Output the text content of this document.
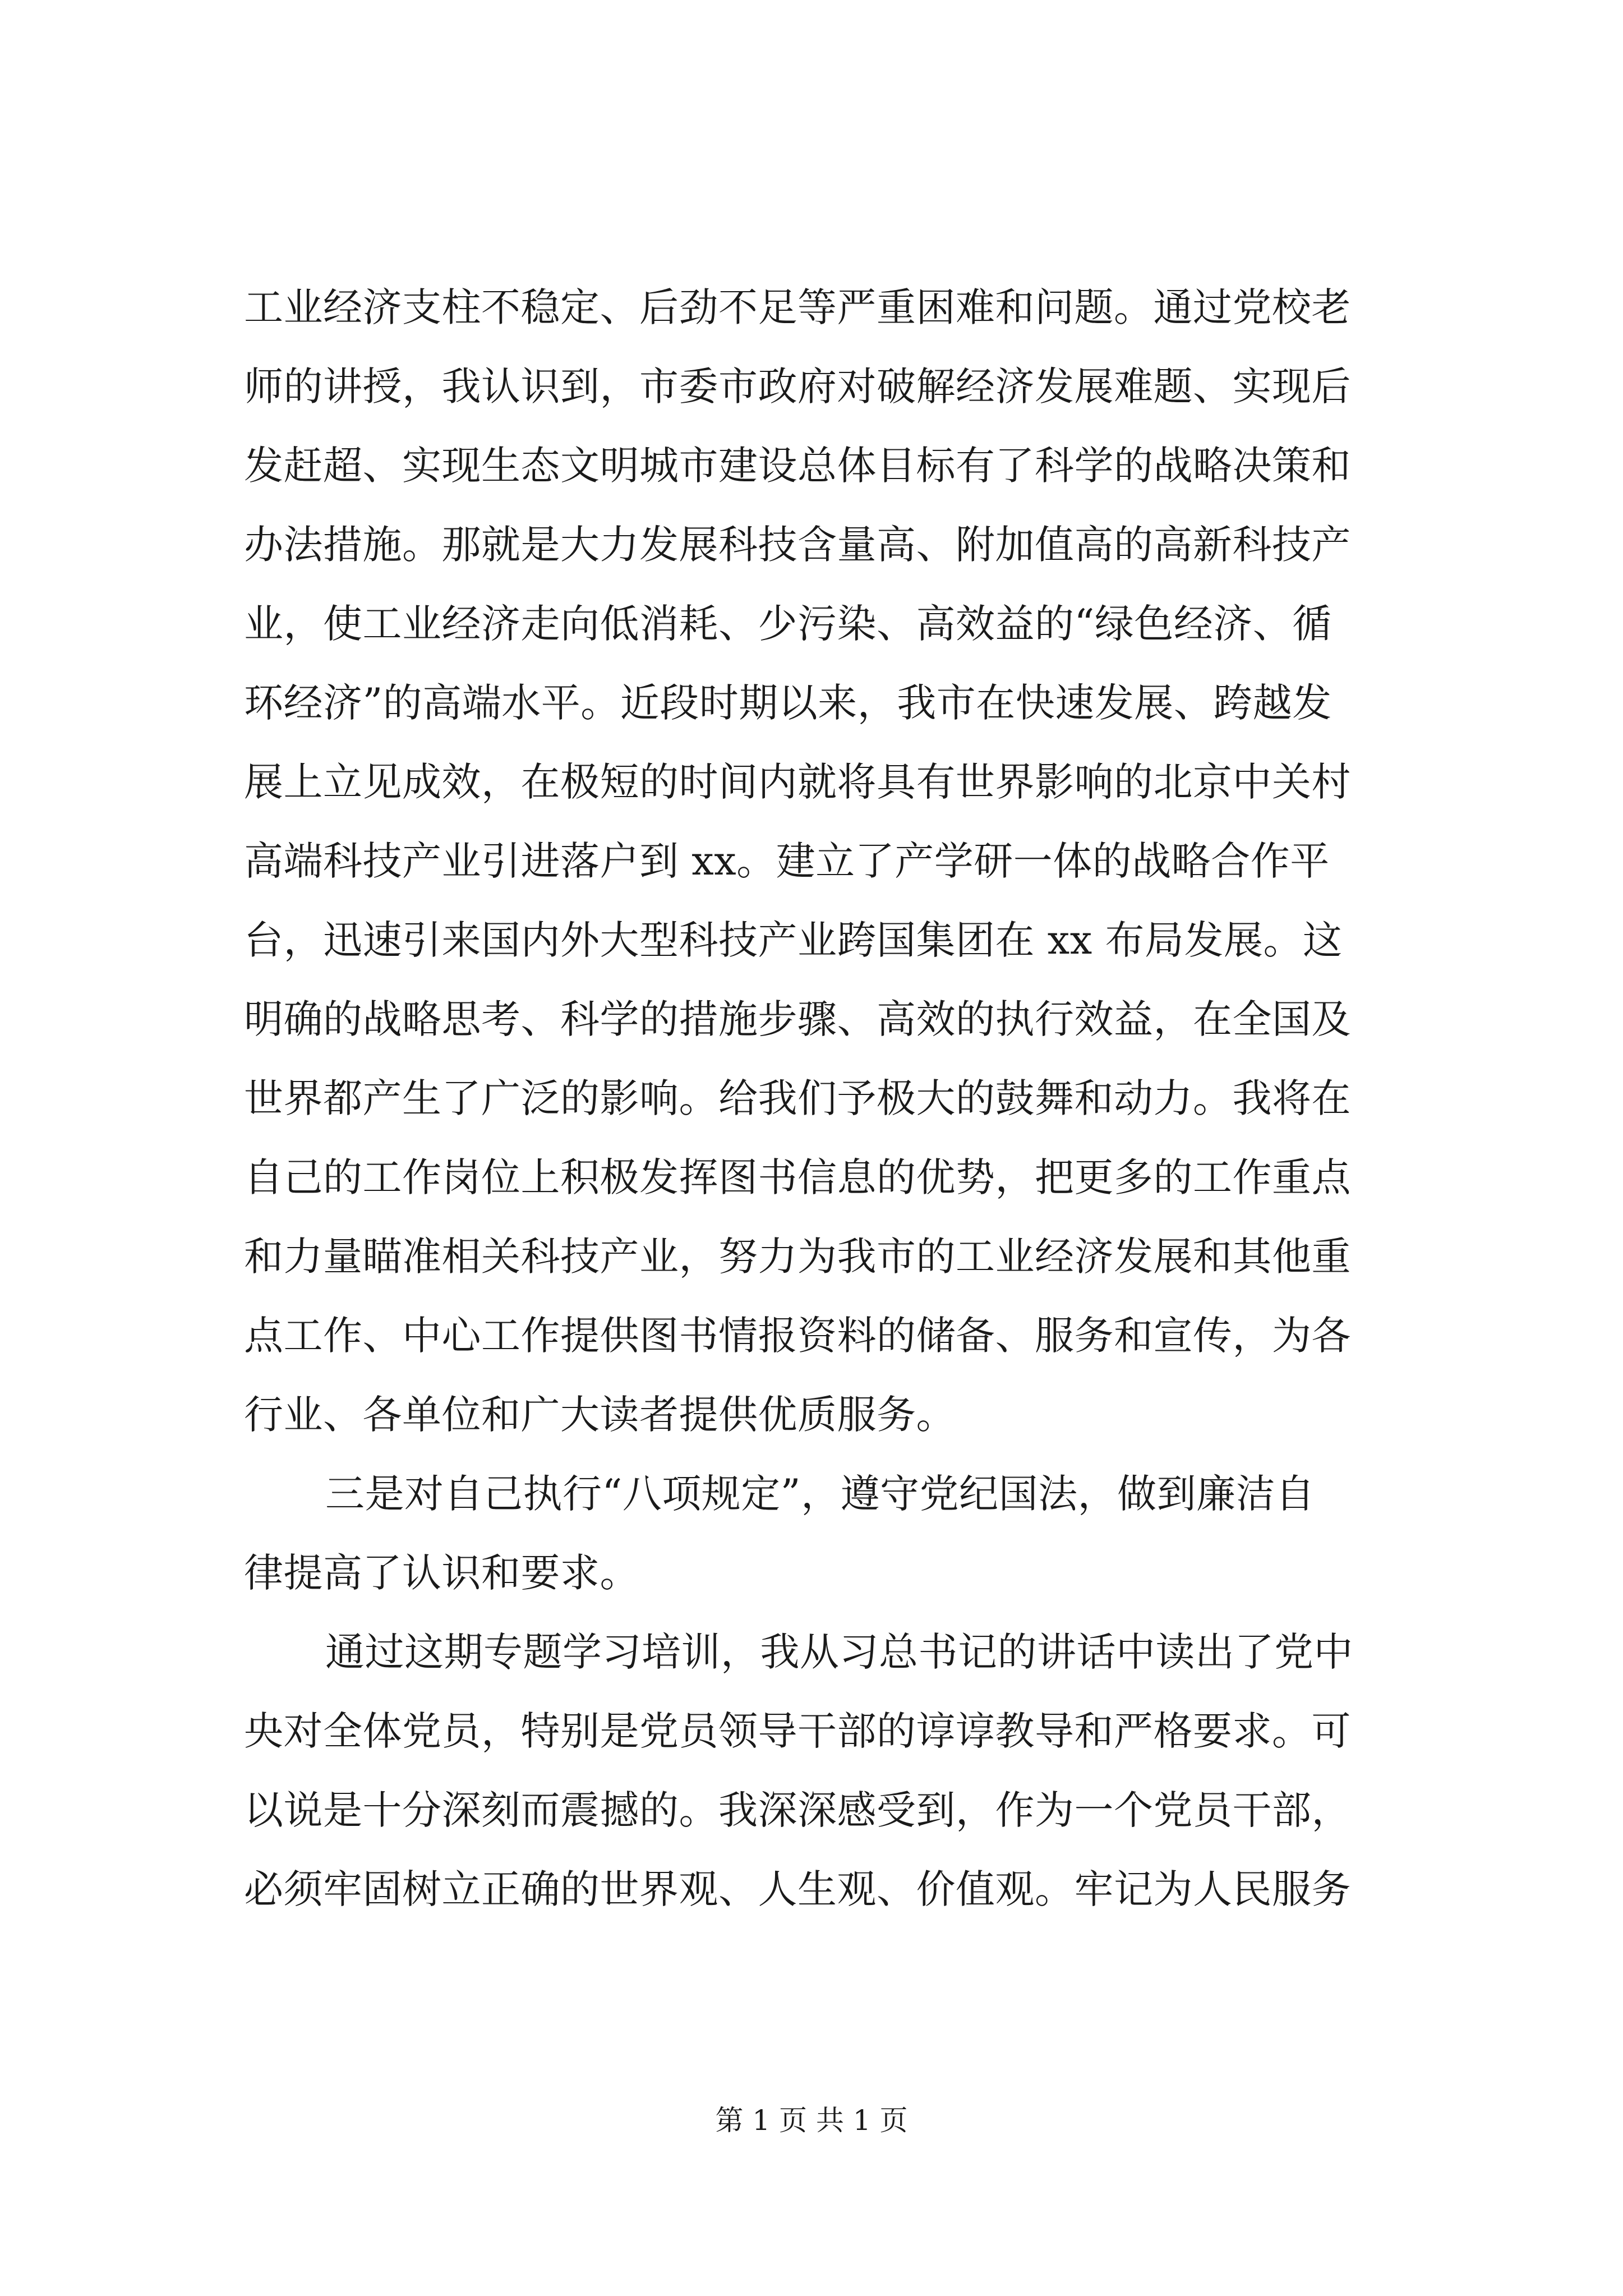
工业经济支柱不稳定、后劲不足等严重困难和问题。通过党校老
师的讲授，我认识到，市委市政府对破解经济发展难题、实现后
发赶超、实现生态文明城市建设总体目标有了科学的战略决策和
办法措施。那就是大力发展科技含量高、附加值高的高新科技产
业，使工业经济走向低消耗、少污染、高效益的“绿色经济、循
环经济”的高端水平。近段时期以来，我市在快速发展、跨越发
展上立见成效，在极短的时间内就将具有世界影响的北京中关村
高端科技产业引进落户到 xx。建立了产学研一体的战略合作平
台，迅速引来国内外大型科技产业跨国集团在 xx 布局发展。这
明确的战略思考、科学的措施步骤、高效的执行效益，在全国及
世界都产生了广泛的影响。给我们予极大的鼓舞和动力。我将在
自己的工作岗位上积极发挥图书信息的优势，把更多的工作重点
和力量瞄准相关科技产业，努力为我市的工业经济发展和其他重
点工作、中心工作提供图书情报资料的储备、服务和宣传，为各
行业、各单位和广大读者提供优质服务。
三是对自己执行“八项规定”，遵守党纪国法，做到廉洁自
律提高了认识和要求。
通过这期专题学习培训，我从习总书记的讲话中读出了党中
央对全体党员，特别是党员领导干部的谆谆教导和严格要求。可
以说是十分深刻而震撼的。我深深感受到，作为一个党员干部，
必须牢固树立正确的世界观、人生观、价值观。牢记为人民服务
第 1 页 共 1 页
